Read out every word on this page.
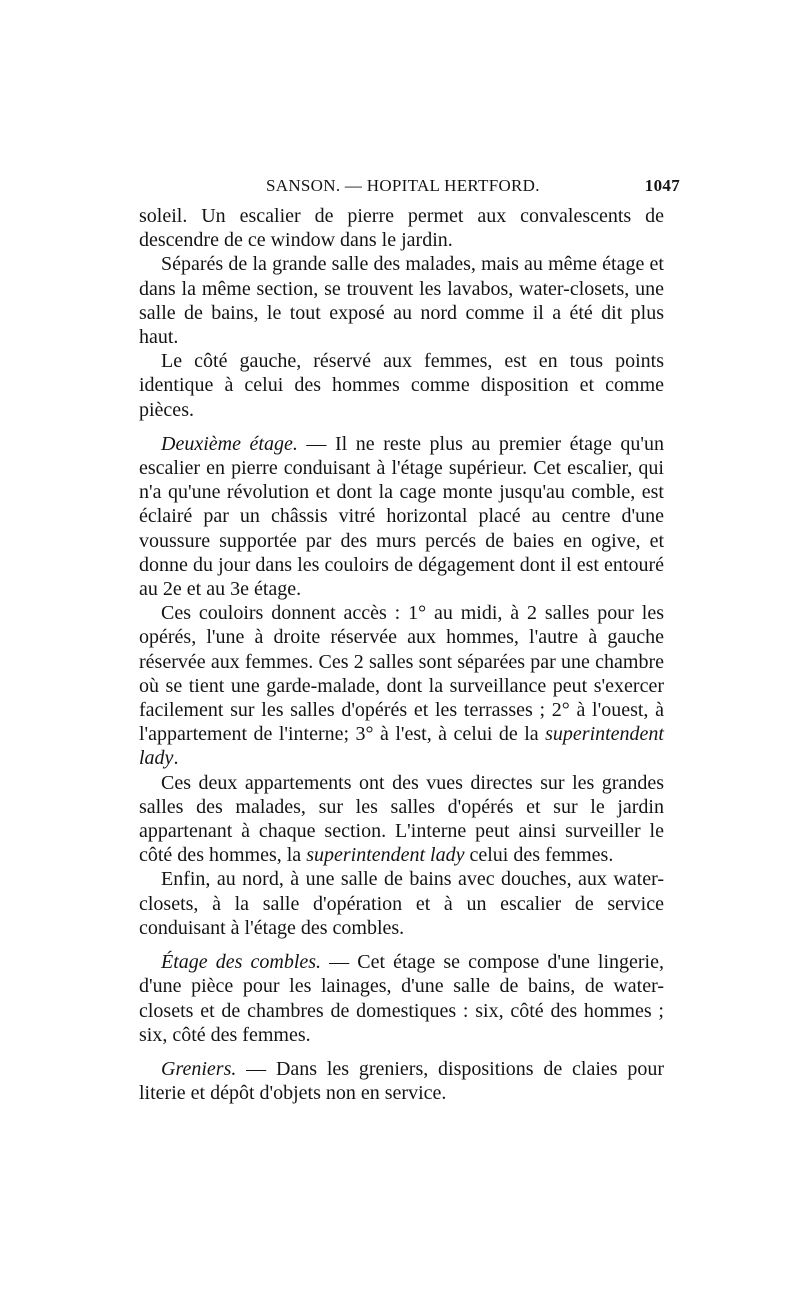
SANSON. — HOPITAL HERTFORD.	1047

soleil. Un escalier de pierre permet aux convalescents de descendre de ce window dans le jardin.

Séparés de la grande salle des malades, mais au même étage et dans la même section, se trouvent les lavabos, water-closets, une salle de bains, le tout exposé au nord comme il a été dit plus haut.

Le côté gauche, réservé aux femmes, est en tous points identique à celui des hommes comme disposition et comme pièces.

Deuxième étage. — Il ne reste plus au premier étage qu'un escalier en pierre conduisant à l'étage supérieur. Cet escalier, qui n'a qu'une révolution et dont la cage monte jusqu'au comble, est éclairé par un châssis vitré horizontal placé au centre d'une voussure supportée par des murs percés de baies en ogive, et donne du jour dans les couloirs de dégagement dont il est entouré au 2e et au 3e étage.

Ces couloirs donnent accès : 1° au midi, à 2 salles pour les opérés, l'une à droite réservée aux hommes, l'autre à gauche réservée aux femmes. Ces 2 salles sont séparées par une chambre où se tient une garde-malade, dont la surveillance peut s'exercer facilement sur les salles d'opérés et les terrasses ; 2° à l'ouest, à l'appartement de l'interne; 3° à l'est, à celui de la superintendent lady.

Ces deux appartements ont des vues directes sur les grandes salles des malades, sur les salles d'opérés et sur le jardin appartenant à chaque section. L'interne peut ainsi surveiller le côté des hommes, la superintendent lady celui des femmes.

Enfin, au nord, à une salle de bains avec douches, aux water-closets, à la salle d'opération et à un escalier de service conduisant à l'étage des combles.

Étage des combles. — Cet étage se compose d'une lingerie, d'une pièce pour les lainages, d'une salle de bains, de water-closets et de chambres de domestiques : six, côté des hommes ; six, côté des femmes.

Greniers. — Dans les greniers, dispositions de claies pour literie et dépôt d'objets non en service.
